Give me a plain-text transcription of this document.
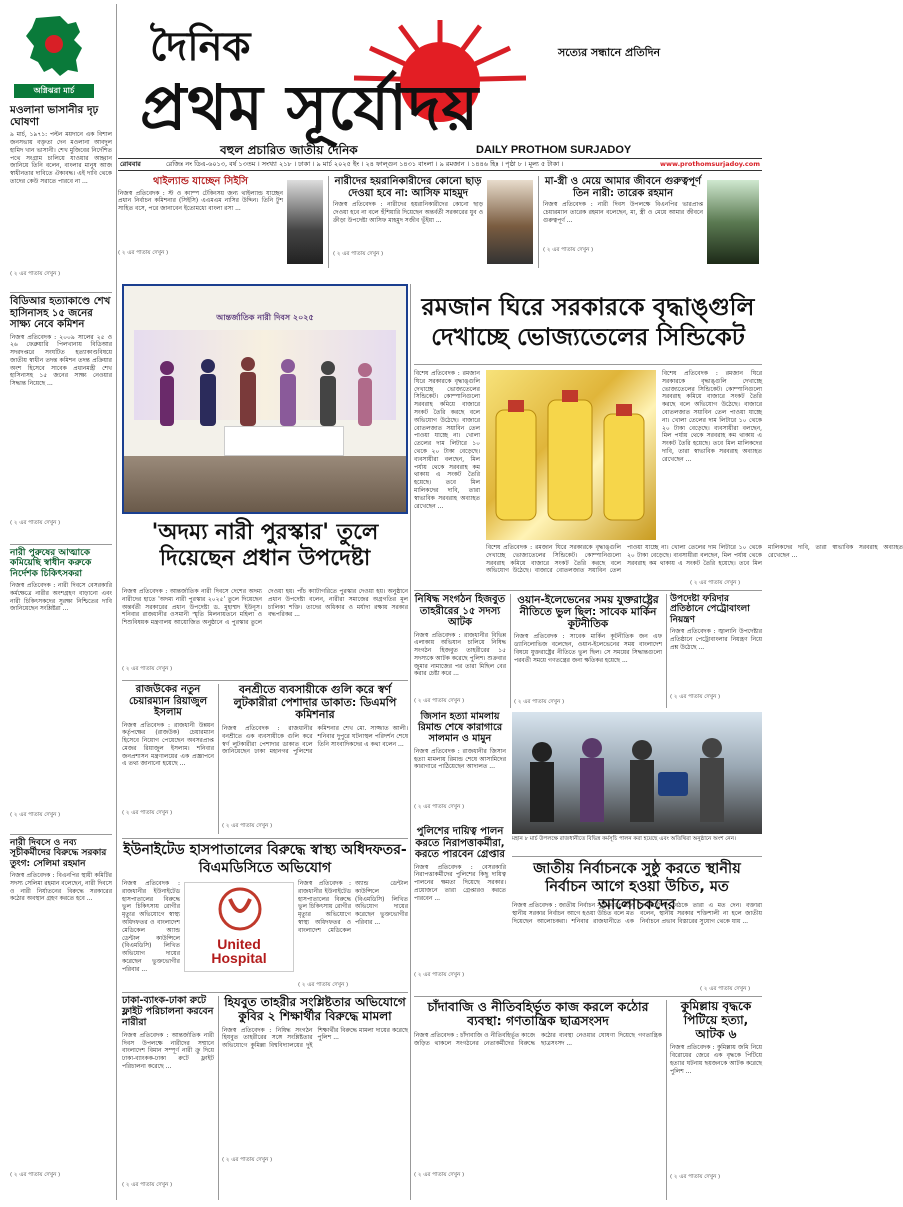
অগ্নিঝরা মার্চ
দৈনিক	সত্যের সন্ধানে প্রতিদিন
প্রথম সূর্যোদয়
বহুল প্রচারিত জাতীয় দৈনিক	DAILY PROTHOM SURJADOY
রোববার	রেজিঃ নং ডিএ-৬০১৩, বর্ষ ১৩তম । সংখ্যা ২১৮ । ঢাকা । ৯ মার্চ ২০২৫ ইং । ২৪ ফাল্গুন ১৪৩১ বাংলা । ৯ রমজান । ১৪৪৬ হিঃ । পৃষ্ঠা ৮ । মূল্য ৫ টাকা ।	www.prothomsurjadoy.com
থাইল্যান্ড যাচ্ছেন সিইসি
নিজস্ব প্রতিবেদক : স্ট ও ক্যাম্প টেকিংসয় জন্য থাইল্যান্ড যাচ্ছেন প্রধান নির্বাচন কমিশনার (সিইসি) এএমএম নাসির উদ্দিন। তিনি টুশ সাহিত বসে, পরে জানাবেন ইতোমধ্যে বাংলা রসা ...
( ২ এর পাতায় দেখুন )
নারীদের হয়রানিকারীদের কোনো ছাড় দেওয়া হবে না: আসিফ মাহমুদ
নিজস্ব প্রতিবেদক : নারীদের হয়রানিকারীদের কোনো ছাড় দেওয়া হবে না বলে হুঁশিয়ারি দিয়েছেন অন্তর্বর্তী সরকারের যুব ও ক্রীড়া উপদেষ্টা আসিফ মাহমুদ সজীব ভূঁইয়া ...
( ২ এর পাতায় দেখুন )
মা-স্ত্রী ও মেয়ে আমার জীবনে গুরুত্বপূর্ণ তিন নারী: তারেক রহমান
নিজস্ব প্রতিবেদক : নারী দিবস উপলক্ষে বিএনপির ভারপ্রাপ্ত চেয়ারম্যান তারেক রহমান বলেছেন, মা, স্ত্রী ও মেয়ে আমার জীবনে গুরুত্বপূর্ণ ...
( ২ এর পাতায় দেখুন )
মওলানা ভাসানীর দৃঢ় ঘোষণা
৯ মার্চ, ১৯৭১: পল্টন ময়দানে এক বিশাল জনসভায় বক্তৃতা দেন মওলানা আবদুল হামিদ খান ভাসানী। শেখ মুজিবের নির্দেশিত পথে সংগ্রাম চালিয়ে যাওয়ার আহ্বান জানিয়ে তিনি বলেন, বাংলার মানুষ আজ স্বাধীনতার দাবিতে ঐক্যবদ্ধ। এই দাবি থেকে তাদের কেউ সরাতে পারবে না ...
( ২ এর পাতায় দেখুন )
বিডিআর হত্যাকাণ্ডে শেখ হাসিনাসহ ১৫ জনের সাক্ষ্য নেবে কমিশন
নিজস্ব প্রতিবেদক : ২০০৯ সালের ২৫ ও ২৬ ফেব্রুয়ারি পিলখানায় বিডিআর সদরদপ্তরে সংঘটিত হত্যাকাণ্ডবিষয়ে জাতীয় স্বাধীন তদন্ত কমিশন তদন্ত প্রক্রিয়ার অংশ হিসেবে সাবেক প্রধানমন্ত্রী শেখ হাসিনাসহ ১৫ জনের সাক্ষ্য নেওয়ার সিদ্ধান্ত নিয়েছে ...
( ২ এর পাতায় দেখুন )
নারী পুরুষের আত্মাকে কমিয়েছি স্বাধীন করুকে নির্দেশক চিকিৎসকরা
নিজস্ব প্রতিবেদক : নারী দিবসে বেসরকারি কর্মক্ষেত্রে নারীর অংশগ্রহণ বাড়ানো এবং নারী চিকিৎসকদের সুরক্ষা নিশ্চিতের দাবি জানিয়েছেন সংশ্লিষ্টরা ...
( ২ এর পাতায় দেখুন )
নারী দিবসে ও নব্য সূচীকর্মীদের বিরুদ্ধে সরকার তুংগ: সেলিমা রহমান
নিজস্ব প্রতিবেদক : বিএনপির স্থায়ী কমিটির সদস্য সেলিমা রহমান বলেছেন, নারী দিবসে ও নারী নির্যাতনের বিরুদ্ধে সরকারের কঠোর অবস্থান গ্রহণ করতে হবে ...
( ২ এর পাতায় দেখুন )
আন্তর্জাতিক নারী দিবস ২০২৫
'অদম্য নারী পুরস্কার' তুলে দিয়েছেন প্রধান উপদেষ্টা
নিজস্ব প্রতিবেদক : আন্তর্জাতিক নারী দিবসে দেশের অদম্য নারীদের হাতে 'অদম্য নারী পুরস্কার ২০২৫' তুলে দিয়েছেন অন্তর্বর্তী সরকারের প্রধান উপদেষ্টা ড. মুহাম্মদ ইউনূস। শনিবার রাজধানীর ওসমানী স্মৃতি মিলনায়তনে মহিলা ও শিশুবিষয়ক মন্ত্রণালয় আয়োজিত অনুষ্ঠানে এ পুরস্কার তুলে দেওয়া হয়। পাঁচ ক্যাটাগরিতে পুরস্কার দেওয়া হয়। অনুষ্ঠানে প্রধান উপদেষ্টা বলেন, নারীরা সমাজের অগ্রগতির মূল চালিকা শক্তি। তাদের অধিকার ও মর্যাদা রক্ষায় সরকার বদ্ধপরিকর ...
( ২ এর পাতায় দেখুন )
রমজান ঘিরে সরকারকে বৃদ্ধাঙ্গুলি দেখাচ্ছে ভোজ্যতেলের সিন্ডিকেট
বিশেষ প্রতিবেদক : রমজান ঘিরে সরকারকে বৃদ্ধাঙ্গুলি দেখাচ্ছে ভোজ্যতেলের সিন্ডিকেট। কোম্পানিগুলো সরবরাহ কমিয়ে বাজারে সংকট তৈরি করছে বলে অভিযোগ উঠেছে। বাজারে বোতলজাত সয়াবিন তেল পাওয়া যাচ্ছে না। খোলা তেলের দাম লিটারে ১০ থেকে ২০ টাকা বেড়েছে। ব্যবসায়ীরা বলছেন, মিল পর্যায় থেকে সরবরাহ কম থাকায় এ সংকট তৈরি হয়েছে। তবে মিল মালিকদের দাবি, তারা স্বাভাবিক সরবরাহ অব্যাহত রেখেছেন ...
বিশেষ প্রতিবেদক : রমজান ঘিরে সরকারকে বৃদ্ধাঙ্গুলি দেখাচ্ছে ভোজ্যতেলের সিন্ডিকেট। কোম্পানিগুলো সরবরাহ কমিয়ে বাজারে সংকট তৈরি করছে বলে অভিযোগ উঠেছে। বাজারে বোতলজাত সয়াবিন তেল পাওয়া যাচ্ছে না। খোলা তেলের দাম লিটারে ১০ থেকে ২০ টাকা বেড়েছে। ব্যবসায়ীরা বলছেন, মিল পর্যায় থেকে সরবরাহ কম থাকায় এ সংকট তৈরি হয়েছে। তবে মিল মালিকদের দাবি, তারা স্বাভাবিক সরবরাহ অব্যাহত রেখেছেন ...
বিশেষ প্রতিবেদক : রমজান ঘিরে সরকারকে বৃদ্ধাঙ্গুলি দেখাচ্ছে ভোজ্যতেলের সিন্ডিকেট। কোম্পানিগুলো সরবরাহ কমিয়ে বাজারে সংকট তৈরি করছে বলে অভিযোগ উঠেছে। বাজারে বোতলজাত সয়াবিন তেল পাওয়া যাচ্ছে না। খোলা তেলের দাম লিটারে ১০ থেকে ২০ টাকা বেড়েছে। ব্যবসায়ীরা বলছেন, মিল পর্যায় থেকে সরবরাহ কম থাকায় এ সংকট তৈরি হয়েছে। তবে মিল মালিকদের দাবি, তারা স্বাভাবিক সরবরাহ অব্যাহত রেখেছেন ...
( ২ এর পাতায় দেখুন )
রাজউকের নতুন চেয়ারম্যান রিয়াজুল ইসলাম
নিজস্ব প্রতিবেদক : রাজধানী উন্নয়ন কর্তৃপক্ষের (রাজউক) চেয়ারম্যান হিসেবে নিয়োগ পেয়েছেন অবসরপ্রাপ্ত মেজর রিয়াজুল ইসলাম। শনিবার জনপ্রশাসন মন্ত্রণালয়ের এক প্রজ্ঞাপনে এ তথ্য জানানো হয়েছে ...
( ২ এর পাতায় দেখুন )
বনশ্রীতে ব্যবসায়ীকে গুলি করে স্বর্ণ লুটকারীরা পেশাদার ডাকাত: ডিএমপি কমিশনার
নিজস্ব প্রতিবেদক : রাজধানীর বনশ্রীতে এক ব্যবসায়ীকে গুলি করে স্বর্ণ লুটকারীরা পেশাদার ডাকাত বলে জানিয়েছেন ঢাকা মহানগর পুলিশের কমিশনার শেখ মো. সাজ্জাত আলী। শনিবার দুপুরে ঘটনাস্থল পরিদর্শন শেষে তিনি সাংবাদিকদের এ কথা বলেন ...
( ২ এর পাতায় দেখুন )
ইউনাইটেড হাসপাতালের বিরুদ্ধে স্বাস্থ্য অধিদফতর-বিএমডিসিতে অভিযোগ
নিজস্ব প্রতিবেদক : রাজধানীর ইউনাইটেড হাসপাতালের বিরুদ্ধে ভুল চিকিৎসায় রোগীর মৃত্যুর অভিযোগে স্বাস্থ্য অধিদফতর ও বাংলাদেশ মেডিকেল অ্যান্ড ডেন্টাল কাউন্সিলে (বিএমডিসি) লিখিত অভিযোগ দায়ের করেছেন ভুক্তভোগীর পরিবার ...
United
Hospital
নিজস্ব প্রতিবেদক : রাজধানীর ইউনাইটেড হাসপাতালের বিরুদ্ধে ভুল চিকিৎসায় রোগীর মৃত্যুর অভিযোগে স্বাস্থ্য অধিদফতর ও বাংলাদেশ মেডিকেল অ্যান্ড ডেন্টাল কাউন্সিলে (বিএমডিসি) লিখিত অভিযোগ দায়ের করেছেন ভুক্তভোগীর পরিবার ...
( ২ এর পাতায় দেখুন )
ঢাকা-ব্যাংক-ঢাকা রুটে ফ্লাইট পরিচালনা করবেন নারীরা
নিজস্ব প্রতিবেদক : আন্তর্জাতিক নারী দিবস উপলক্ষে নারীদের সম্মানে বাংলাদেশ বিমান সম্পূর্ণ নারী ক্রু দিয়ে ঢাকা-ব্যাংকক-ঢাকা রুটে ফ্লাইট পরিচালনা করেছে ...
( ২ এর পাতায় দেখুন )
হিযবুত তাহরীর সংশ্লিষ্টতার অভিযোগে কুবির ২ শিক্ষার্থীর বিরুদ্ধে মামলা
নিজস্ব প্রতিবেদক : নিষিদ্ধ সংগঠন হিযবুত তাহরীরের সঙ্গে সংশ্লিষ্টতার অভিযোগে কুমিল্লা বিশ্ববিদ্যালয়ের দুই শিক্ষার্থীর বিরুদ্ধে মামলা দায়ের করেছে পুলিশ ...
( ২ এর পাতায় দেখুন )
নিষিদ্ধ সংগঠন হিজবুত তাহরীরের ১৫ সদস্য আটক
নিজস্ব প্রতিবেদক : রাজধানীর বিভিন্ন এলাকায় অভিযান চালিয়ে নিষিদ্ধ সংগঠন হিজবুত তাহরীরের ১৫ সদস্যকে আটক করেছে পুলিশ। শুক্রবার জুমার নামাজের পর তারা মিছিল বের করার চেষ্টা করে ...
( ২ এর পাতায় দেখুন )
ওয়ান-ইলেভেনের সময় যুক্তরাষ্ট্রের নীতিতে ভুল ছিল: সাবেক মার্কিন কূটনীতিক
নিজস্ব প্রতিবেদক : সাবেক মার্কিন কূটনীতিক জন এফ ড্যানিলোভিজ বলেছেন, ওয়ান-ইলেভেনের সময় বাংলাদেশ বিষয়ে যুক্তরাষ্ট্রের নীতিতে ভুল ছিল। সে সময়ের সিদ্ধান্তগুলো পরবর্তী সময়ে গণতন্ত্রের জন্য ক্ষতিকর হয়েছে ...
( ২ এর পাতায় দেখুন )
উপদেষ্টা ফরিদার প্রতিষ্ঠানে পেট্রোবাংলা নিয়ন্ত্রণ
নিজস্ব প্রতিবেদক : জ্বালানি উপদেষ্টার প্রতিষ্ঠানে পেট্রোবাংলার নিয়ন্ত্রণ নিয়ে প্রশ্ন উঠেছে ...
( ২ এর পাতায় দেখুন )
জিসান হত্যা মামলায় রিমান্ড শেষে কারাগারে সালমান ও মামুন
নিজস্ব প্রতিবেদক : রাজধানীর জিসান হত্যা মামলায় রিমান্ড শেষে আসামিদের কারাগারে পাঠিয়েছেন আদালত ...
( ২ এর পাতায় দেখুন )
মহান ৮ মার্চ উপলক্ষে রাজধানীতে বিভিন্ন কর্মসূচি পালন করা হয়েছে এবং অতিথিরা অনুষ্ঠানে অংশ নেন।
পুলিশের দায়িত্ব পালন করতে নিরাপত্তাকর্মীরা, করতে পারবেন গ্রেপ্তার
নিজস্ব প্রতিবেদক : বেসরকারি নিরাপত্তাকর্মীদের পুলিশের কিছু দায়িত্ব পালনের ক্ষমতা দিয়েছে সরকার। প্রয়োজনে তারা গ্রেপ্তারও করতে পারবেন ...
( ২ এর পাতায় দেখুন )
জাতীয় নির্বাচনকে সুষ্ঠু করতে স্থানীয় নির্বাচন আগে হওয়া উচিত, মত আলোচকদের
নিজস্ব প্রতিবেদক : জাতীয় নির্বাচন সুষ্ঠু করতে হলে স্থানীয় সরকার নির্বাচন আগে হওয়া উচিত বলে মত দিয়েছেন আলোচকরা। শনিবার রাজধানীতে এক গোলটেবিল বৈঠকে তারা এ মত দেন। বক্তারা বলেন, স্থানীয় সরকার শক্তিশালী না হলে জাতীয় নির্বাচনে প্রভাব বিস্তারের সুযোগ থেকে যায় ...
( ২ এর পাতায় দেখুন )
চাঁদাবাজি ও নীতিবহির্ভূত কাজ করলে কঠোর ব্যবস্থা: গণতান্ত্রিক ছাত্রসংসদ
নিজস্ব প্রতিবেদক : চাঁদাবাজি ও নীতিবহির্ভূত কাজে জড়িত থাকলে সংগঠনের নেতাকর্মীদের বিরুদ্ধে কঠোর ব্যবস্থা নেওয়ার ঘোষণা দিয়েছে গণতান্ত্রিক ছাত্রসংসদ ...
( ২ এর পাতায় দেখুন )
কুমিল্লায় বৃদ্ধকে পিটিয়ে হত্যা, আটক ৬
নিজস্ব প্রতিবেদক : কুমিল্লায় জমি নিয়ে বিরোধের জেরে এক বৃদ্ধকে পিটিয়ে হত্যার ঘটনায় ছয়জনকে আটক করেছে পুলিশ ...
( ২ এর পাতায় দেখুন )
